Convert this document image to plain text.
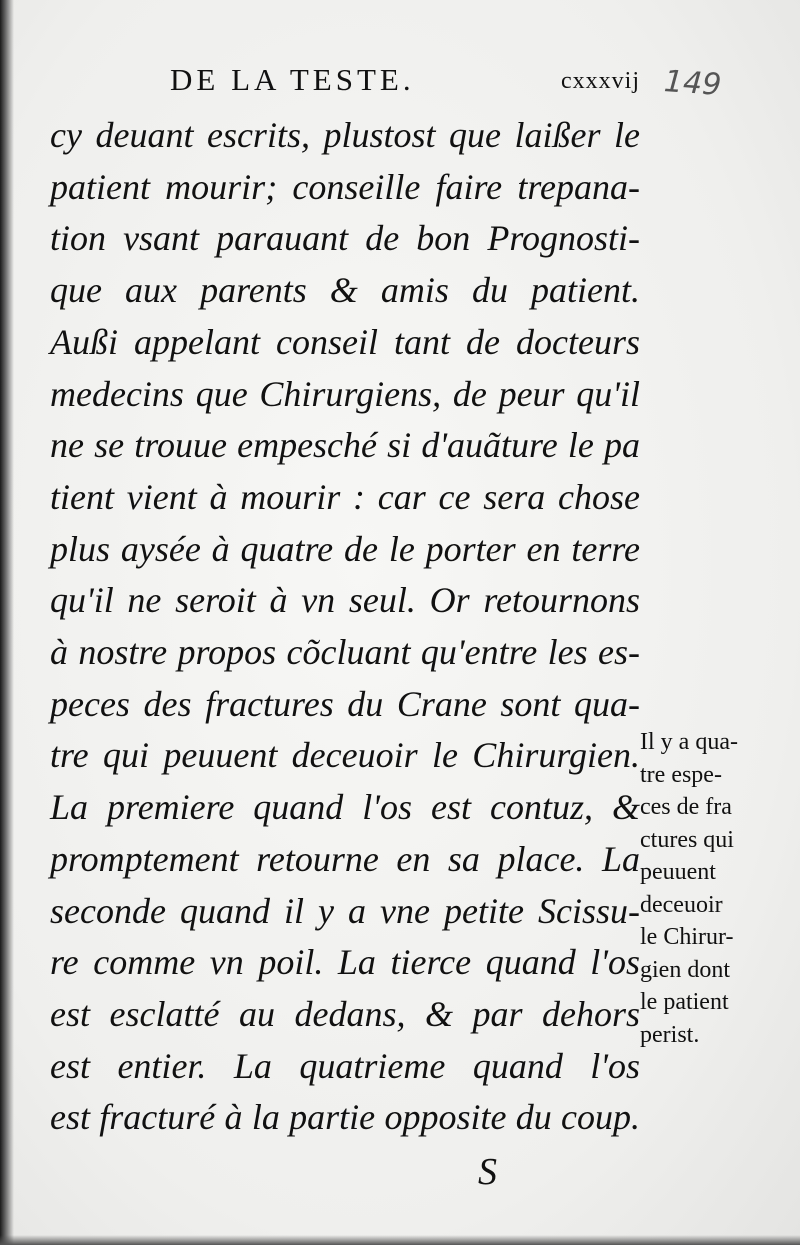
DE LA TESTE.	cxxxvij 149
cy deuant escrits, plustost que laißer le
patient mourir; conseille faire trepana-
tion vsant parauant de bon Prognosti-
que aux parents & amis du patient.
Außi appelant conseil tant de docteurs
medecins que Chirurgiens, de peur qu'il
ne se trouue empesché si d'auãture le pa
tient vient à mourir : car ce sera chose
plus aysée à quatre de le porter en terre
qu'il ne seroit à vn seul. Or retournons
à nostre propos cõcluant qu'entre les es-
peces des fractures du Crane sont qua-
tre qui peuuent deceuoir le Chirurgien.
La premiere quand l'os est contuz, &
promptement retourne en sa place. La
seconde quand il y a vne petite Scissu-
re comme vn poil. La tierce quand l'os
est esclatté au dedans, & par dehors
est entier. La quatrieme quand l'os
est fracturé à la partie opposite du coup.
Il y a qua-
tre espe-
ces de fra
ctures qui
peuuent
deceuoir
le Chirur-
gien dont
le patient
perist.
S
